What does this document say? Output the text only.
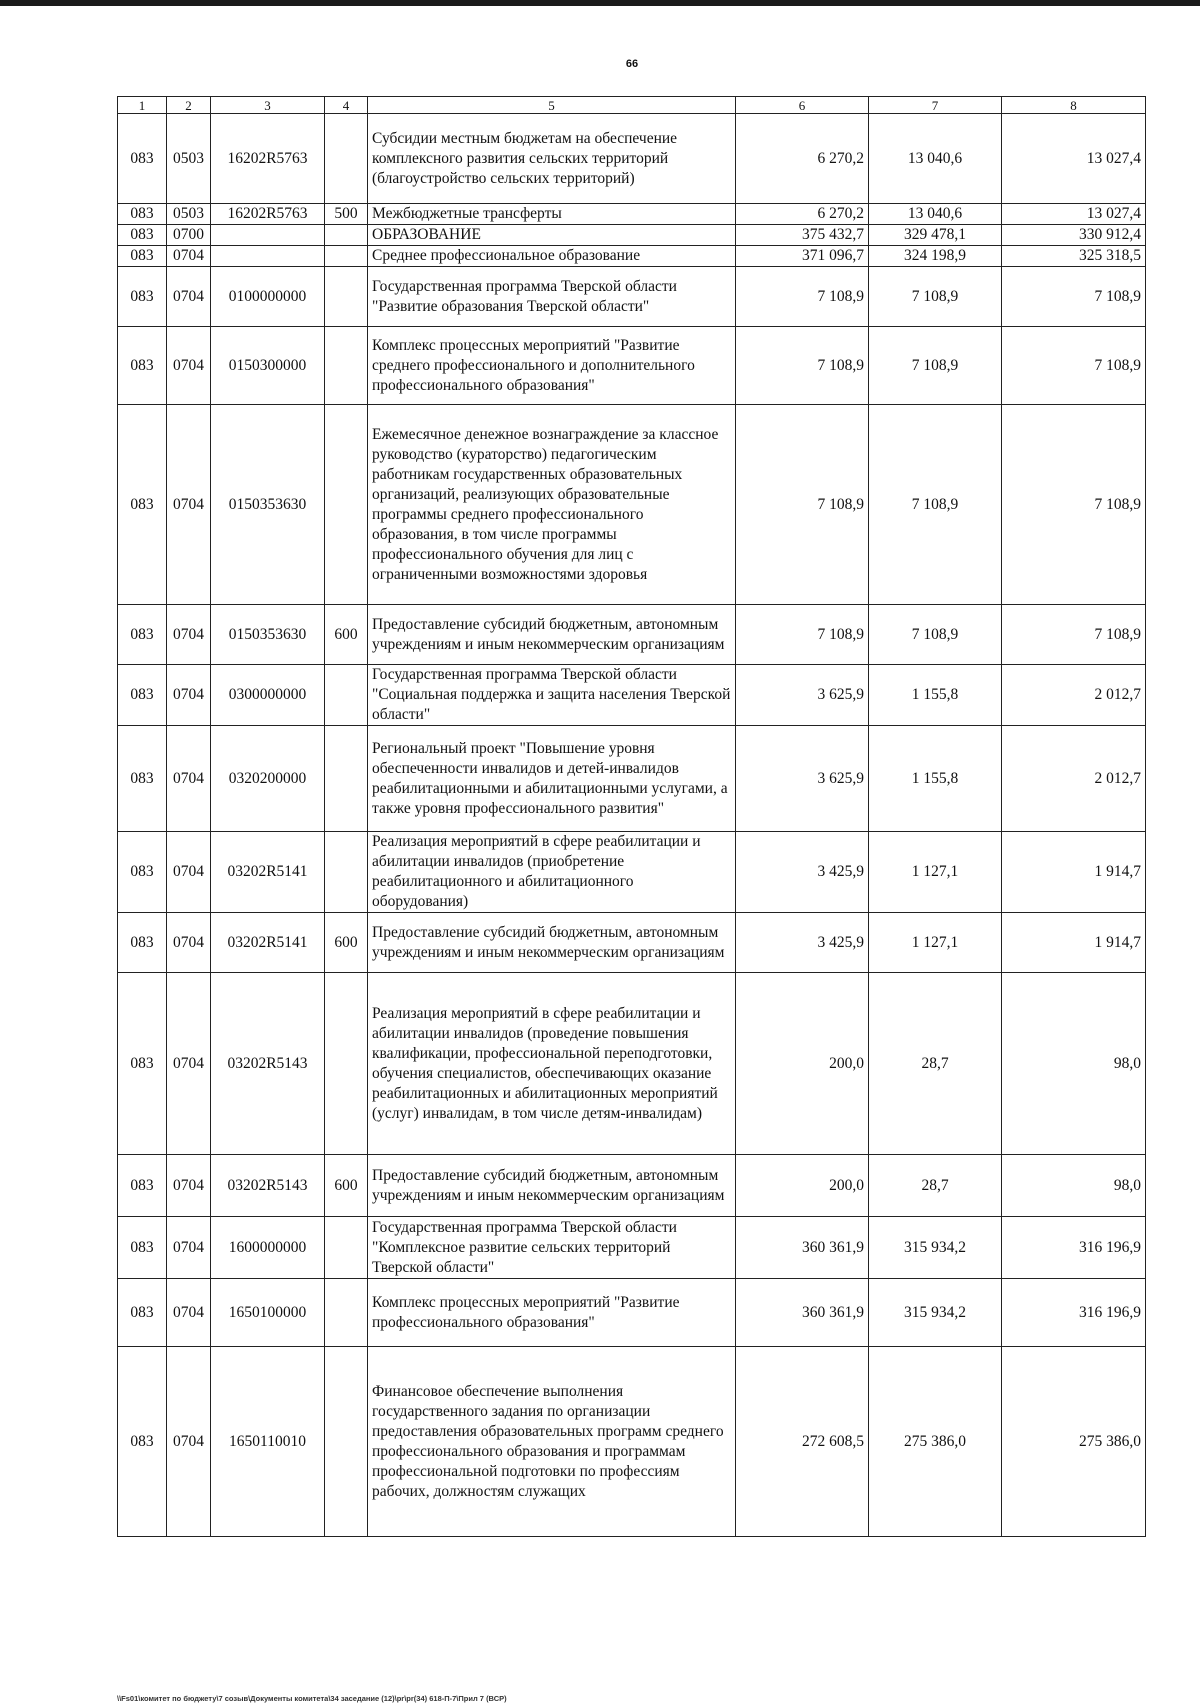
66
1	2	3	4	5	6	7	8
083	0503	16202R5763		Субсидии местным бюджетам на обеспечение комплексного развития сельских территорий (благоустройство сельских территорий)	6 270,2	13 040,6	13 027,4
083	0503	16202R5763	500	Межбюджетные трансферты	6 270,2	13 040,6	13 027,4
083	0700			ОБРАЗОВАНИЕ	375 432,7	329 478,1	330 912,4
083	0704			Среднее профессиональное образование	371 096,7	324 198,9	325 318,5
083	0704	0100000000		Государственная программа Тверской области "Развитие образования Тверской области"	7 108,9	7 108,9	7 108,9
083	0704	0150300000		Комплекс процессных мероприятий "Развитие среднего профессионального и дополнительного профессионального образования"	7 108,9	7 108,9	7 108,9
083	0704	0150353630		Ежемесячное денежное вознаграждение за классное руководство (кураторство) педагогическим работникам государственных образовательных организаций, реализующих образовательные программы среднего профессионального образования, в том числе программы профессионального обучения для лиц с ограниченными возможностями здоровья	7 108,9	7 108,9	7 108,9
083	0704	0150353630	600	Предоставление субсидий бюджетным, автономным учреждениям и иным некоммерческим организациям	7 108,9	7 108,9	7 108,9
083	0704	0300000000		Государственная программа Тверской области "Социальная поддержка и защита населения Тверской области"	3 625,9	1 155,8	2 012,7
083	0704	0320200000		Региональный проект "Повышение уровня обеспеченности инвалидов и детей-инвалидов реабилитационными и абилитационными услугами, а также уровня профессионального развития"	3 625,9	1 155,8	2 012,7
083	0704	03202R5141		Реализация мероприятий в сфере реабилитации и абилитации инвалидов (приобретение реабилитационного и абилитационного оборудования)	3 425,9	1 127,1	1 914,7
083	0704	03202R5141	600	Предоставление субсидий бюджетным, автономным учреждениям и иным некоммерческим организациям	3 425,9	1 127,1	1 914,7
083	0704	03202R5143		Реализация мероприятий в сфере реабилитации и абилитации инвалидов (проведение повышения квалификации, профессиональной переподготовки, обучения специалистов, обеспечивающих оказание реабилитационных и абилитационных мероприятий (услуг) инвалидам, в том числе детям-инвалидам)	200,0	28,7	98,0
083	0704	03202R5143	600	Предоставление субсидий бюджетным, автономным учреждениям и иным некоммерческим организациям	200,0	28,7	98,0
083	0704	1600000000		Государственная программа Тверской области "Комплексное развитие сельских территорий Тверской области"	360 361,9	315 934,2	316 196,9
083	0704	1650100000		Комплекс процессных мероприятий "Развитие профессионального образования"	360 361,9	315 934,2	316 196,9
083	0704	1650110010		Финансовое обеспечение выполнения государственного задания по организации предоставления образовательных программ среднего профессионального образования и программам профессиональной подготовки по профессиям рабочих, должностям служащих	272 608,5	275 386,0	275 386,0
\\Fs01\комитет по бюджету\7 созыв\Документы комитета\34 заседание (12)\pr\pr(34) 618-П-7\Прил 7 (ВСР)
